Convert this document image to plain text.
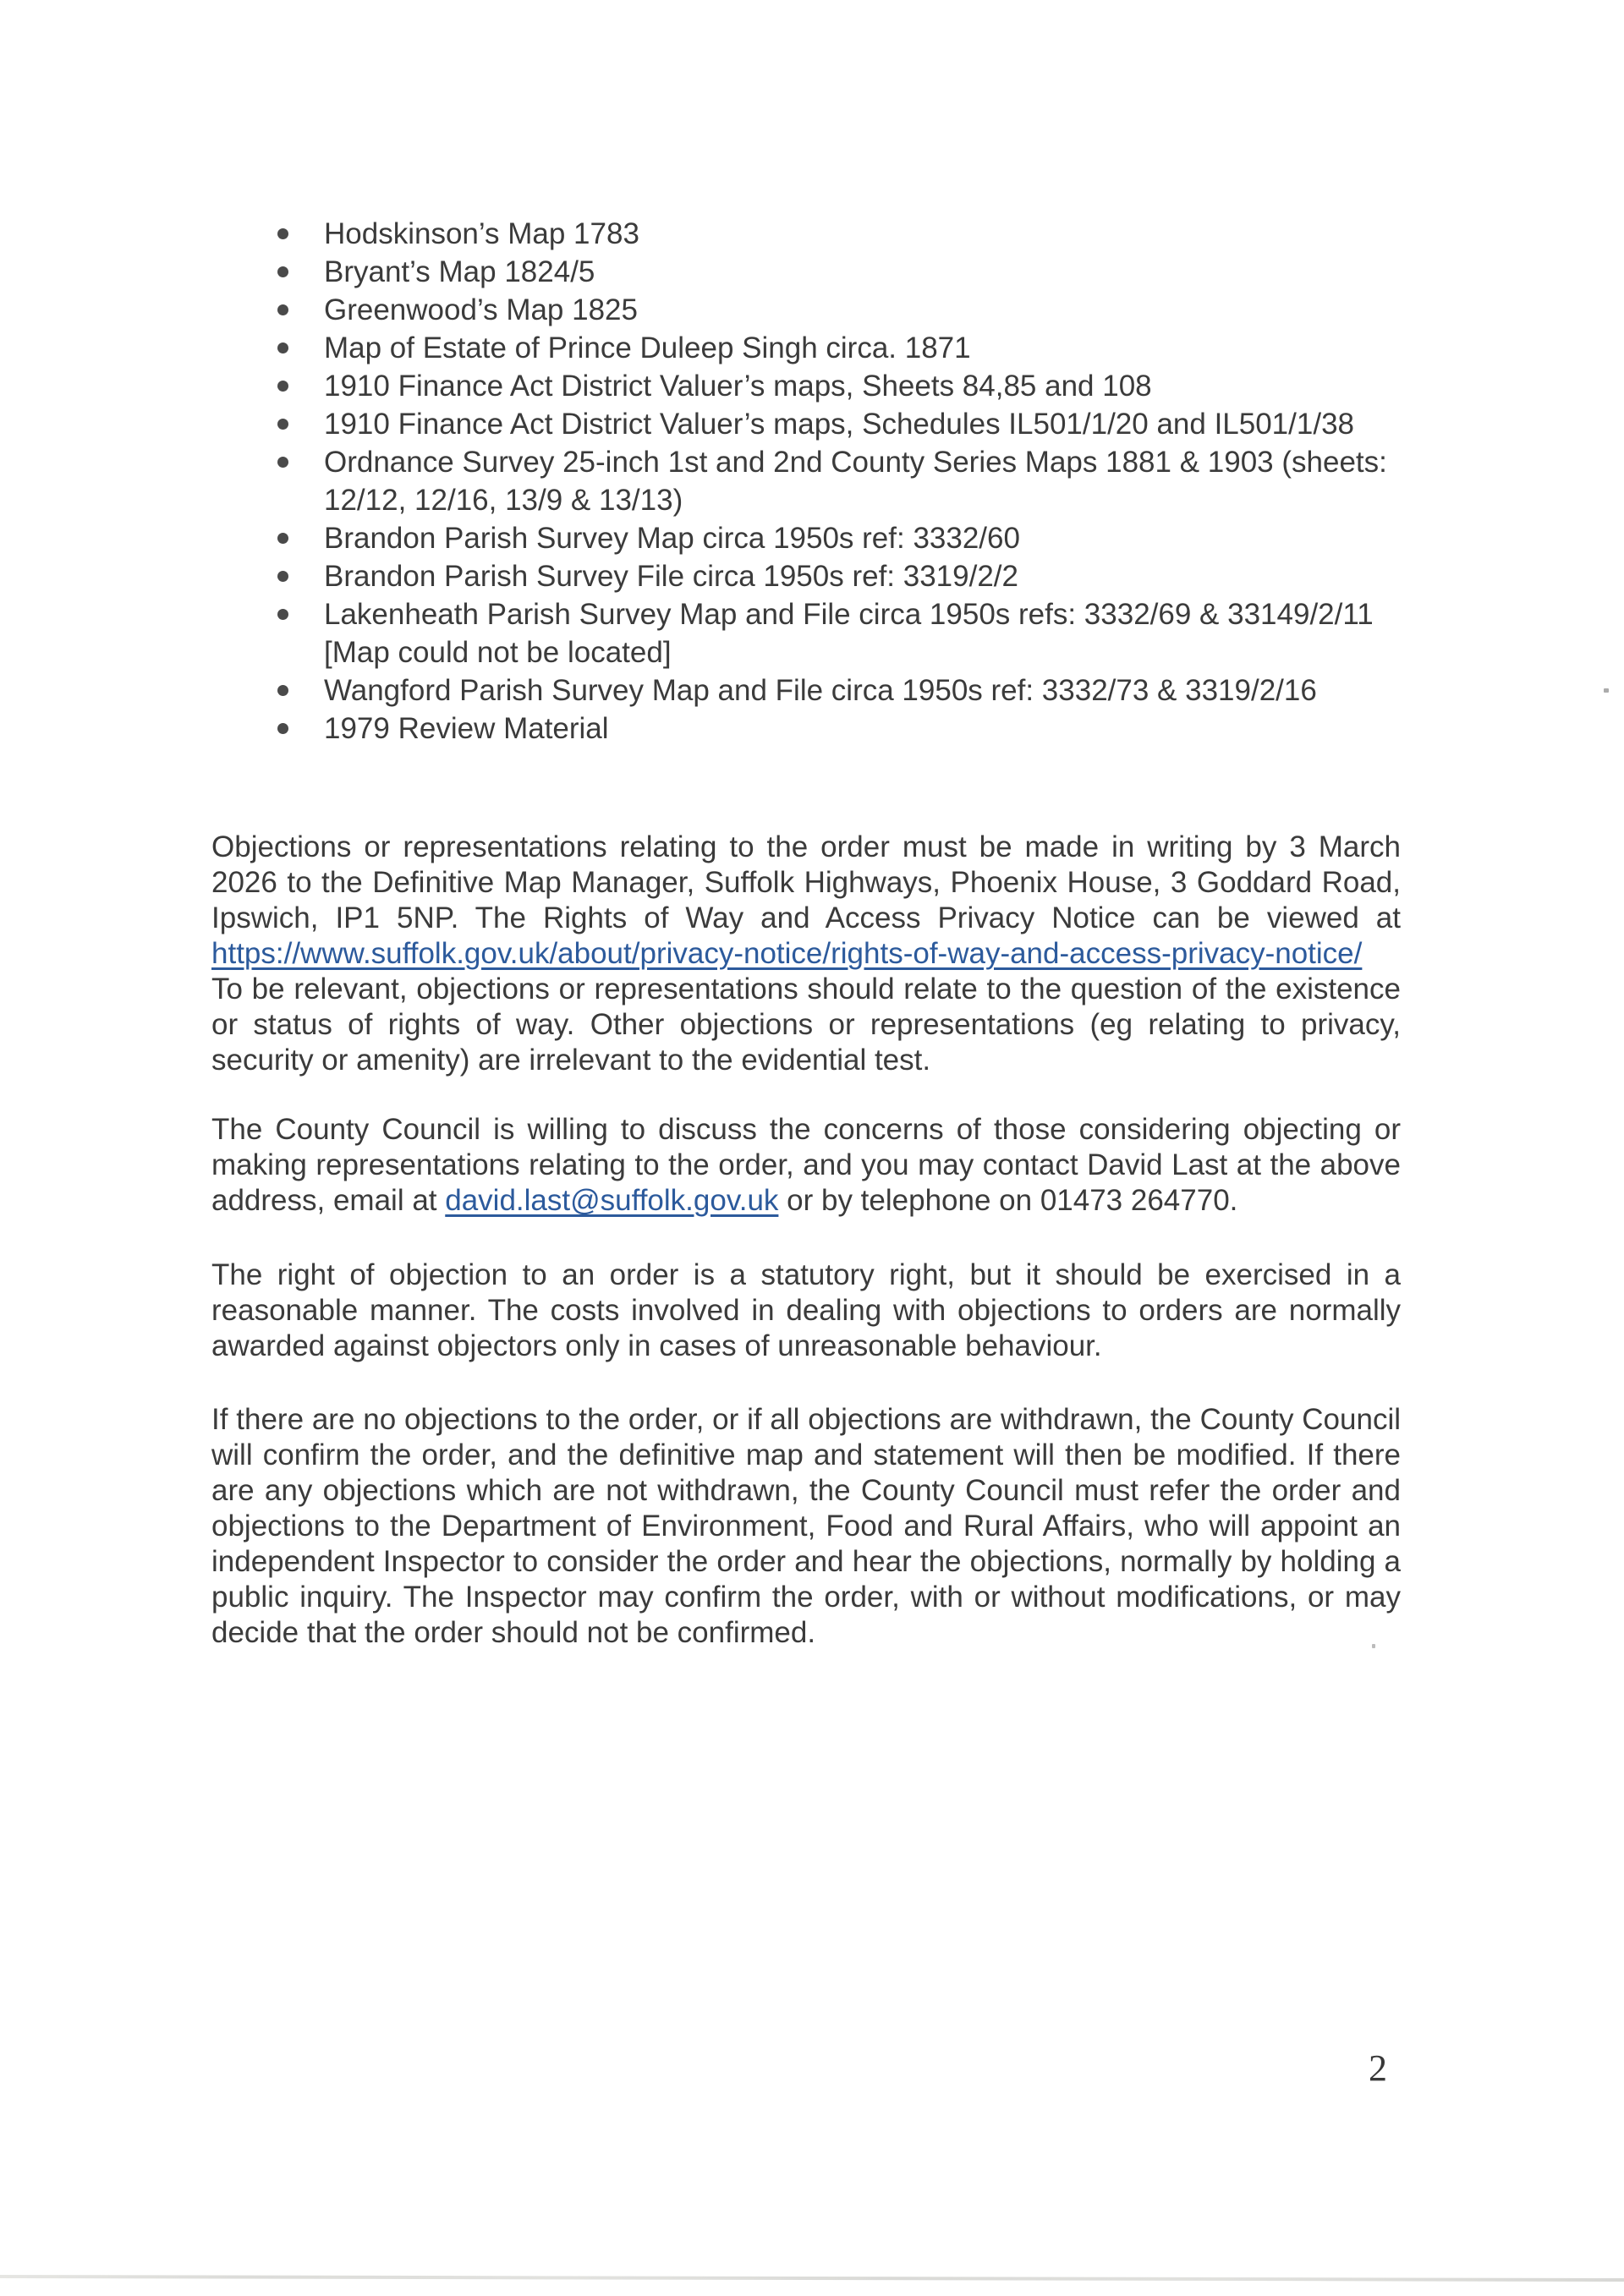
Hodskinson’s Map 1783
Bryant’s Map 1824/5
Greenwood’s Map 1825
Map of Estate of Prince Duleep Singh circa. 1871
1910 Finance Act District Valuer’s maps, Sheets 84,85 and 108
1910 Finance Act District Valuer’s maps, Schedules IL501/1/20 and IL501/1/38
Ordnance Survey 25-inch 1st and 2nd County Series Maps 1881 & 1903 (sheets: 12/12, 12/16, 13/9 & 13/13)
Brandon Parish Survey Map circa 1950s ref: 3332/60
Brandon Parish Survey File circa 1950s ref: 3319/2/2
Lakenheath Parish Survey Map and File circa 1950s refs: 3332/69 & 33149/2/11 [Map could not be located]
Wangford Parish Survey Map and File circa 1950s ref: 3332/73 & 3319/2/16
1979 Review Material

Objections or representations relating to the order must be made in writing by 3 March 2026 to the Definitive Map Manager, Suffolk Highways, Phoenix House, 3 Goddard Road, Ipswich, IP1 5NP. The Rights of Way and Access Privacy Notice can be viewed at https://www.suffolk.gov.uk/about/privacy-notice/rights-of-way-and-access-privacy-notice/ To be relevant, objections or representations should relate to the question of the existence or status of rights of way. Other objections or representations (eg relating to privacy, security or amenity) are irrelevant to the evidential test.

The County Council is willing to discuss the concerns of those considering objecting or making representations relating to the order, and you may contact David Last at the above address, email at david.last@suffolk.gov.uk or by telephone on 01473 264770.

The right of objection to an order is a statutory right, but it should be exercised in a reasonable manner. The costs involved in dealing with objections to orders are normally awarded against objectors only in cases of unreasonable behaviour.

If there are no objections to the order, or if all objections are withdrawn, the County Council will confirm the order, and the definitive map and statement will then be modified. If there are any objections which are not withdrawn, the County Council must refer the order and objections to the Department of Environment, Food and Rural Affairs, who will appoint an independent Inspector to consider the order and hear the objections, normally by holding a public inquiry. The Inspector may confirm the order, with or without modifications, or may decide that the order should not be confirmed.

2
